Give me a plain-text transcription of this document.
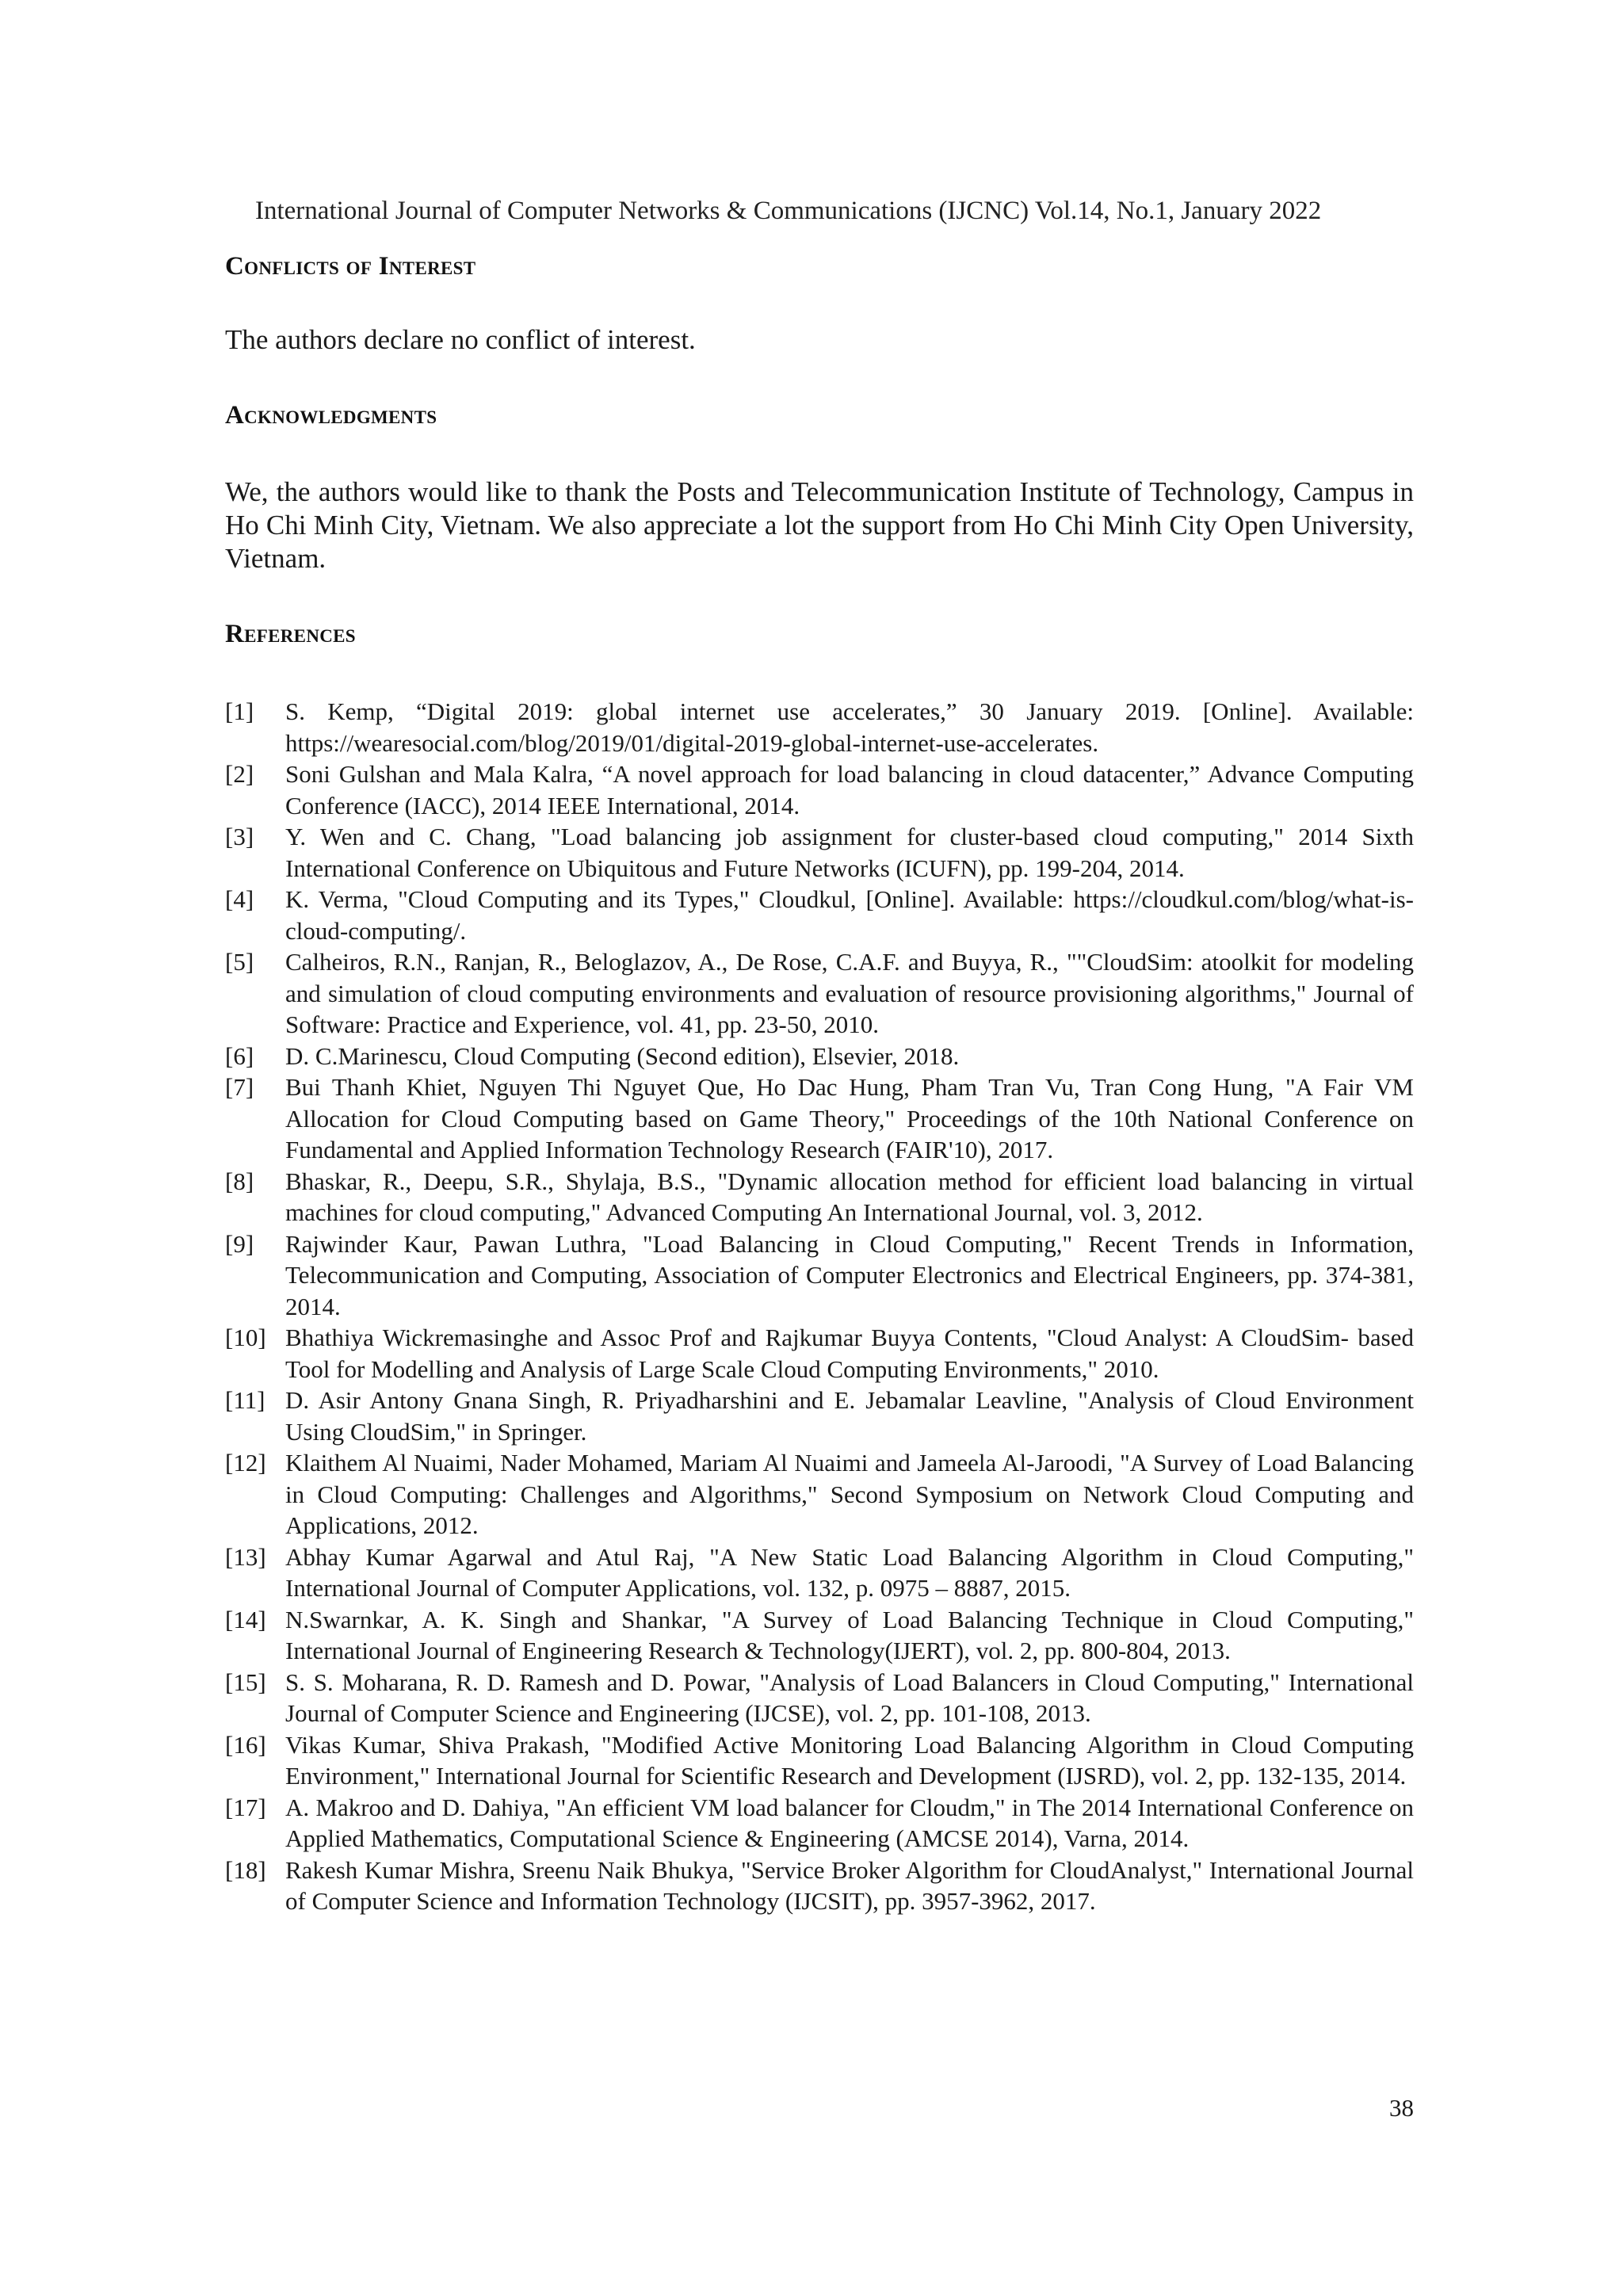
International Journal of Computer Networks & Communications (IJCNC) Vol.14, No.1, January 2022
Conflicts of Interest

The authors declare no conflict of interest.

Acknowledgments

We, the authors would like to thank the Posts and Telecommunication Institute of Technology, Campus in Ho Chi Minh City, Vietnam. We also appreciate a lot the support from Ho Chi Minh City Open University, Vietnam.

References
[1]	S. Kemp, “Digital 2019: global internet use accelerates,” 30 January 2019. [Online]. Available: https://wearesocial.com/blog/2019/01/digital-2019-global-internet-use-accelerates.
[2]	Soni Gulshan and Mala Kalra, “A novel approach for load balancing in cloud datacenter,” Advance Computing Conference (IACC), 2014 IEEE International, 2014.
[3]	Y. Wen and C. Chang, "Load balancing job assignment for cluster-based cloud computing," 2014 Sixth International Conference on Ubiquitous and Future Networks (ICUFN), pp. 199-204, 2014.
[4]	K. Verma, "Cloud Computing and its Types," Cloudkul, [Online]. Available: https://cloudkul.com/blog/what-is-cloud-computing/.
[5]	Calheiros, R.N., Ranjan, R., Beloglazov, A., De Rose, C.A.F. and Buyya, R., ""CloudSim: atoolkit for modeling and simulation of cloud computing environments and evaluation of resource provisioning algorithms," Journal of Software: Practice and Experience, vol. 41, pp. 23-50, 2010.
[6]	D. C.Marinescu, Cloud Computing (Second edition), Elsevier, 2018.
[7]	Bui Thanh Khiet, Nguyen Thi Nguyet Que, Ho Dac Hung, Pham Tran Vu, Tran Cong Hung, "A Fair VM Allocation for Cloud Computing based on Game Theory," Proceedings of the 10th National Conference on Fundamental and Applied Information Technology Research (FAIR'10), 2017.
[8]	Bhaskar, R., Deepu, S.R., Shylaja, B.S., "Dynamic allocation method for efficient load balancing in virtual machines for cloud computing," Advanced Computing An International Journal, vol. 3, 2012.
[9]	Rajwinder Kaur, Pawan Luthra, "Load Balancing in Cloud Computing," Recent Trends in Information, Telecommunication and Computing, Association of Computer Electronics and Electrical Engineers, pp. 374-381, 2014.
[10] Bhathiya Wickremasinghe and Assoc Prof and Rajkumar Buyya Contents, "Cloud Analyst: A CloudSim- based Tool for Modelling and Analysis of Large Scale Cloud Computing Environments," 2010.
[11] D. Asir Antony Gnana Singh, R. Priyadharshini and E. Jebamalar Leavline, "Analysis of Cloud Environment Using CloudSim," in Springer.
[12] Klaithem Al Nuaimi, Nader Mohamed, Mariam Al Nuaimi and Jameela Al-Jaroodi, "A Survey of Load Balancing in Cloud Computing: Challenges and Algorithms," Second Symposium on Network Cloud Computing and Applications, 2012.
[13] Abhay Kumar Agarwal and Atul Raj, "A New Static Load Balancing Algorithm in Cloud Computing," International Journal of Computer Applications, vol. 132, p. 0975 – 8887, 2015.
[14] N.Swarnkar, A. K. Singh and Shankar, "A Survey of Load Balancing Technique in Cloud Computing," International Journal of Engineering Research & Technology(IJERT), vol. 2, pp. 800-804, 2013.
[15] S. S. Moharana, R. D. Ramesh and D. Powar, "Analysis of Load Balancers in Cloud Computing," International Journal of Computer Science and Engineering (IJCSE), vol. 2, pp. 101-108, 2013.
[16] Vikas Kumar, Shiva Prakash, "Modified Active Monitoring Load Balancing Algorithm in Cloud Computing Environment," International Journal for Scientific Research and Development (IJSRD), vol. 2, pp. 132-135, 2014.
[17] A. Makroo and D. Dahiya, "An efficient VM load balancer for Cloudm," in The 2014 International Conference on Applied Mathematics, Computational Science & Engineering (AMCSE 2014), Varna, 2014.
[18] Rakesh Kumar Mishra, Sreenu Naik Bhukya, "Service Broker Algorithm for CloudAnalyst," International Journal of Computer Science and Information Technology (IJCSIT), pp. 3957-3962, 2017.
38
